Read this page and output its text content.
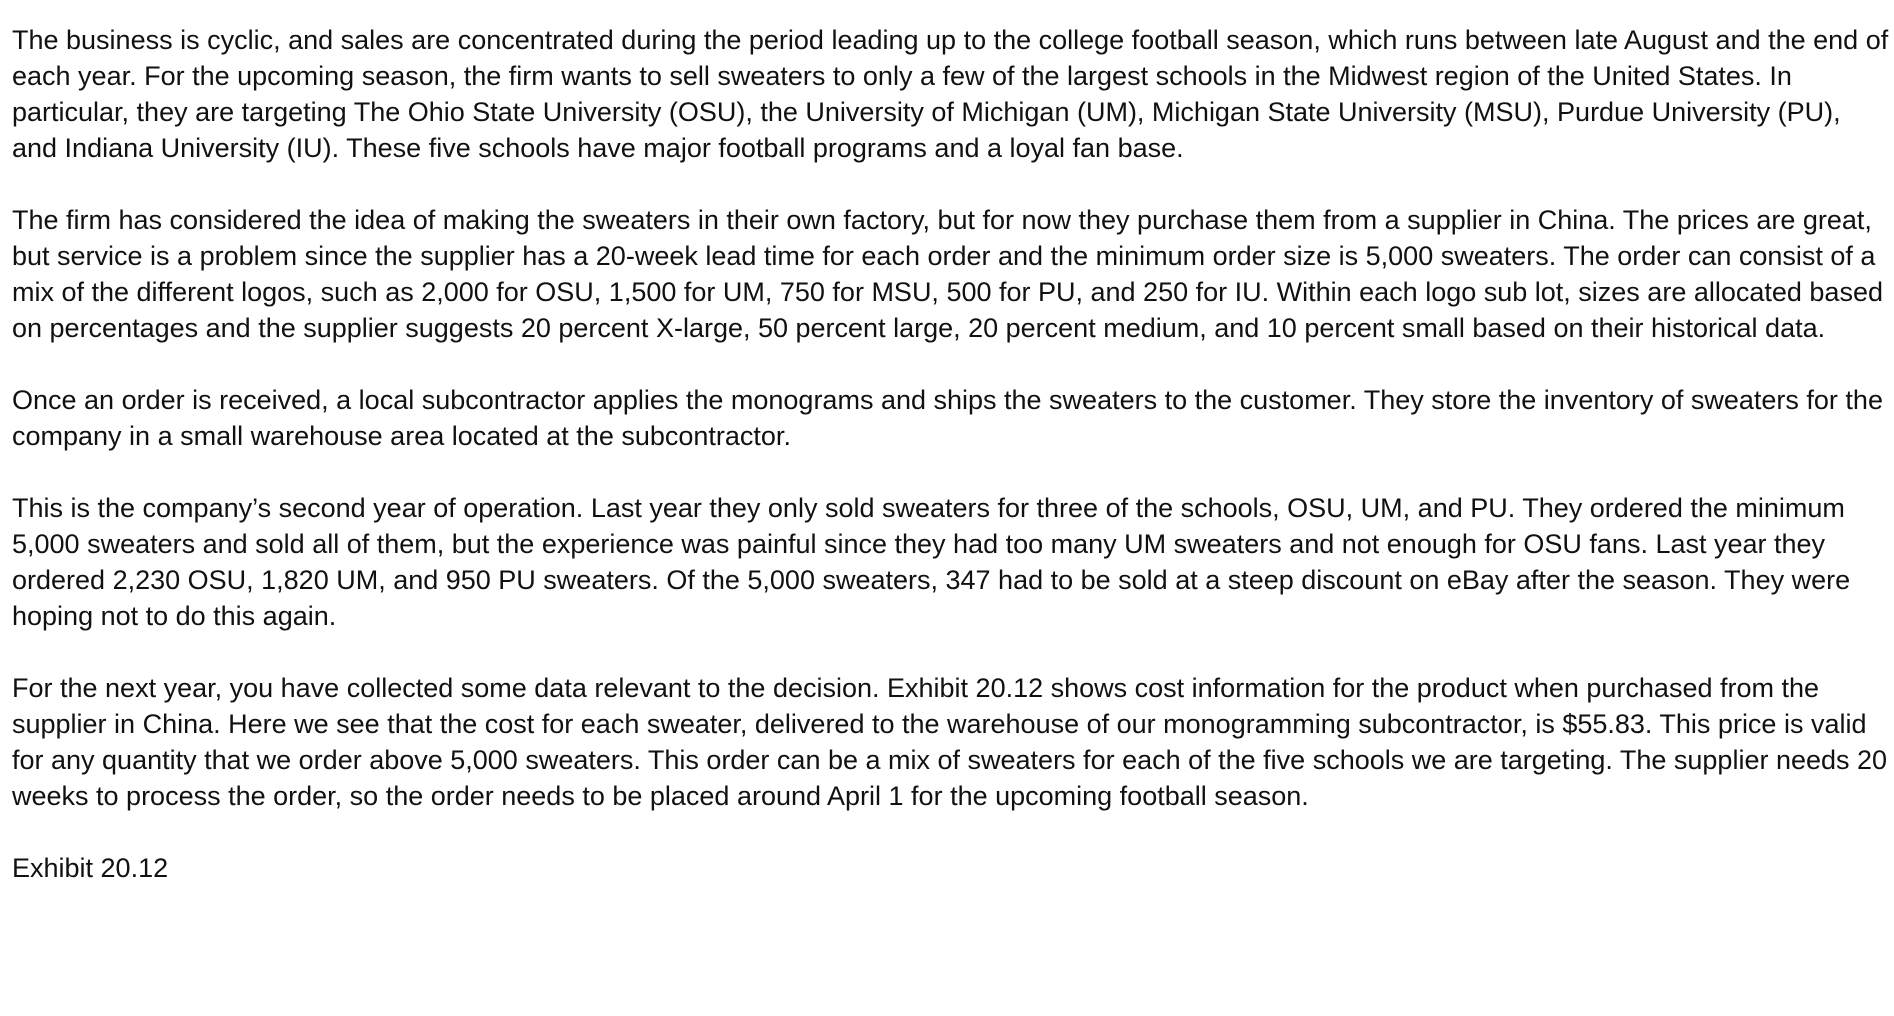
The business is cyclic, and sales are concentrated during the period leading up to the college football season, which runs between late August and the end of each year. For the upcoming season, the firm wants to sell sweaters to only a few of the largest schools in the Midwest region of the United States. In particular, they are targeting The Ohio State University (OSU), the University of Michigan (UM), Michigan State University (MSU), Purdue University (PU), and Indiana University (IU). These five schools have major football programs and a loyal fan base.

The firm has considered the idea of making the sweaters in their own factory, but for now they purchase them from a supplier in China. The prices are great, but service is a problem since the supplier has a 20-week lead time for each order and the minimum order size is 5,000 sweaters. The order can consist of a mix of the different logos, such as 2,000 for OSU, 1,500 for UM, 750 for MSU, 500 for PU, and 250 for IU. Within each logo sub lot, sizes are allocated based on percentages and the supplier suggests 20 percent X-large, 50 percent large, 20 percent medium, and 10 percent small based on their historical data.

Once an order is received, a local subcontractor applies the monograms and ships the sweaters to the customer. They store the inventory of sweaters for the company in a small warehouse area located at the subcontractor.

This is the company’s second year of operation. Last year they only sold sweaters for three of the schools, OSU, UM, and PU. They ordered the minimum 5,000 sweaters and sold all of them, but the experience was painful since they had too many UM sweaters and not enough for OSU fans. Last year they ordered 2,230 OSU, 1,820 UM, and 950 PU sweaters. Of the 5,000 sweaters, 347 had to be sold at a steep discount on eBay after the season. They were hoping not to do this again.

For the next year, you have collected some data relevant to the decision. Exhibit 20.12 shows cost information for the product when purchased from the supplier in China. Here we see that the cost for each sweater, delivered to the warehouse of our monogramming subcontractor, is $55.83. This price is valid for any quantity that we order above 5,000 sweaters. This order can be a mix of sweaters for each of the five schools we are targeting. The supplier needs 20 weeks to process the order, so the order needs to be placed around April 1 for the upcoming football season.

Exhibit 20.12
